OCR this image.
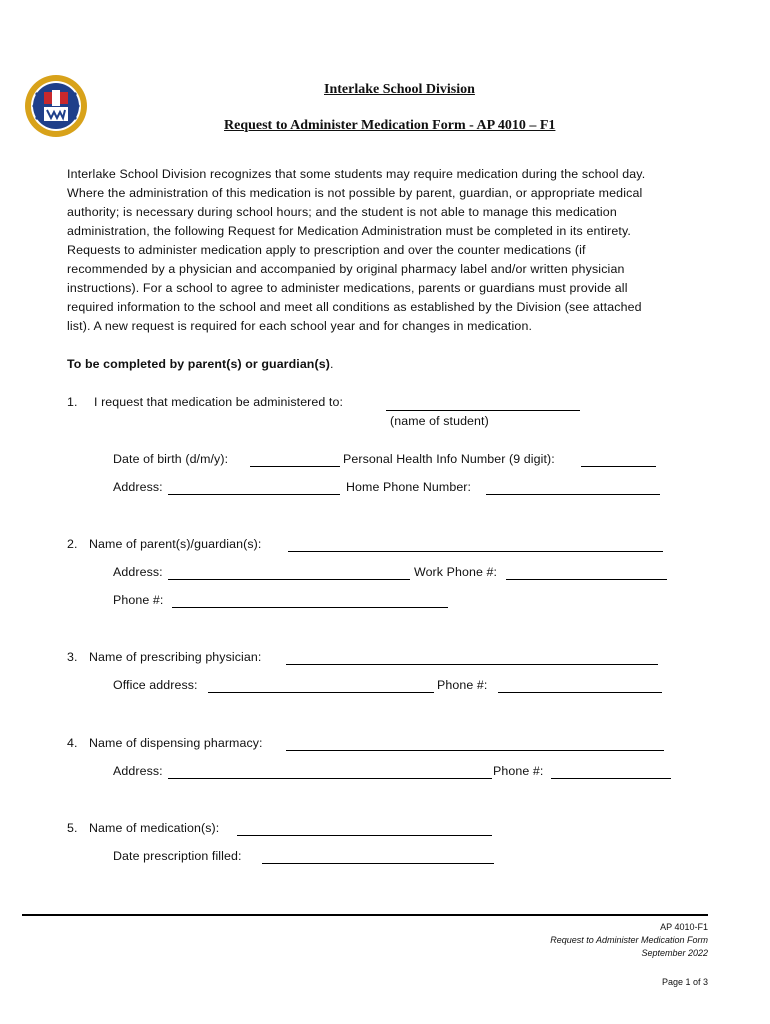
Interlake School Division
Request to Administer Medication Form - AP 4010 – F1
Interlake School Division recognizes that some students may require medication during the school day.
Where the administration of this medication is not possible by parent, guardian, or appropriate medical
authority; is necessary during school hours; and the student is not able to manage this medication
administration, the following Request for Medication Administration must be completed in its entirety.
Requests to administer medication apply to prescription and over the counter medications (if
recommended by a physician and accompanied by original pharmacy label and/or written physician
instructions). For a school to agree to administer medications, parents or guardians must provide all
required information to the school and meet all conditions as established by the Division (see attached
list). A new request is required for each school year and for changes in medication.
To be completed by parent(s) or guardian(s).
1. I request that medication be administered to:
(name of student)
Date of birth (d/m/y):	Personal Health Info Number (9 digit):
Address:	Home Phone Number:
2. Name of parent(s)/guardian(s):
Address:	Work Phone #:
Phone #:
3. Name of prescribing physician:
Office address:	Phone #:
4. Name of dispensing pharmacy:
Address:	Phone #:
5. Name of medication(s):
Date prescription filled:
AP 4010-F1
Request to Administer Medication Form
September 2022
Page 1 of 3
